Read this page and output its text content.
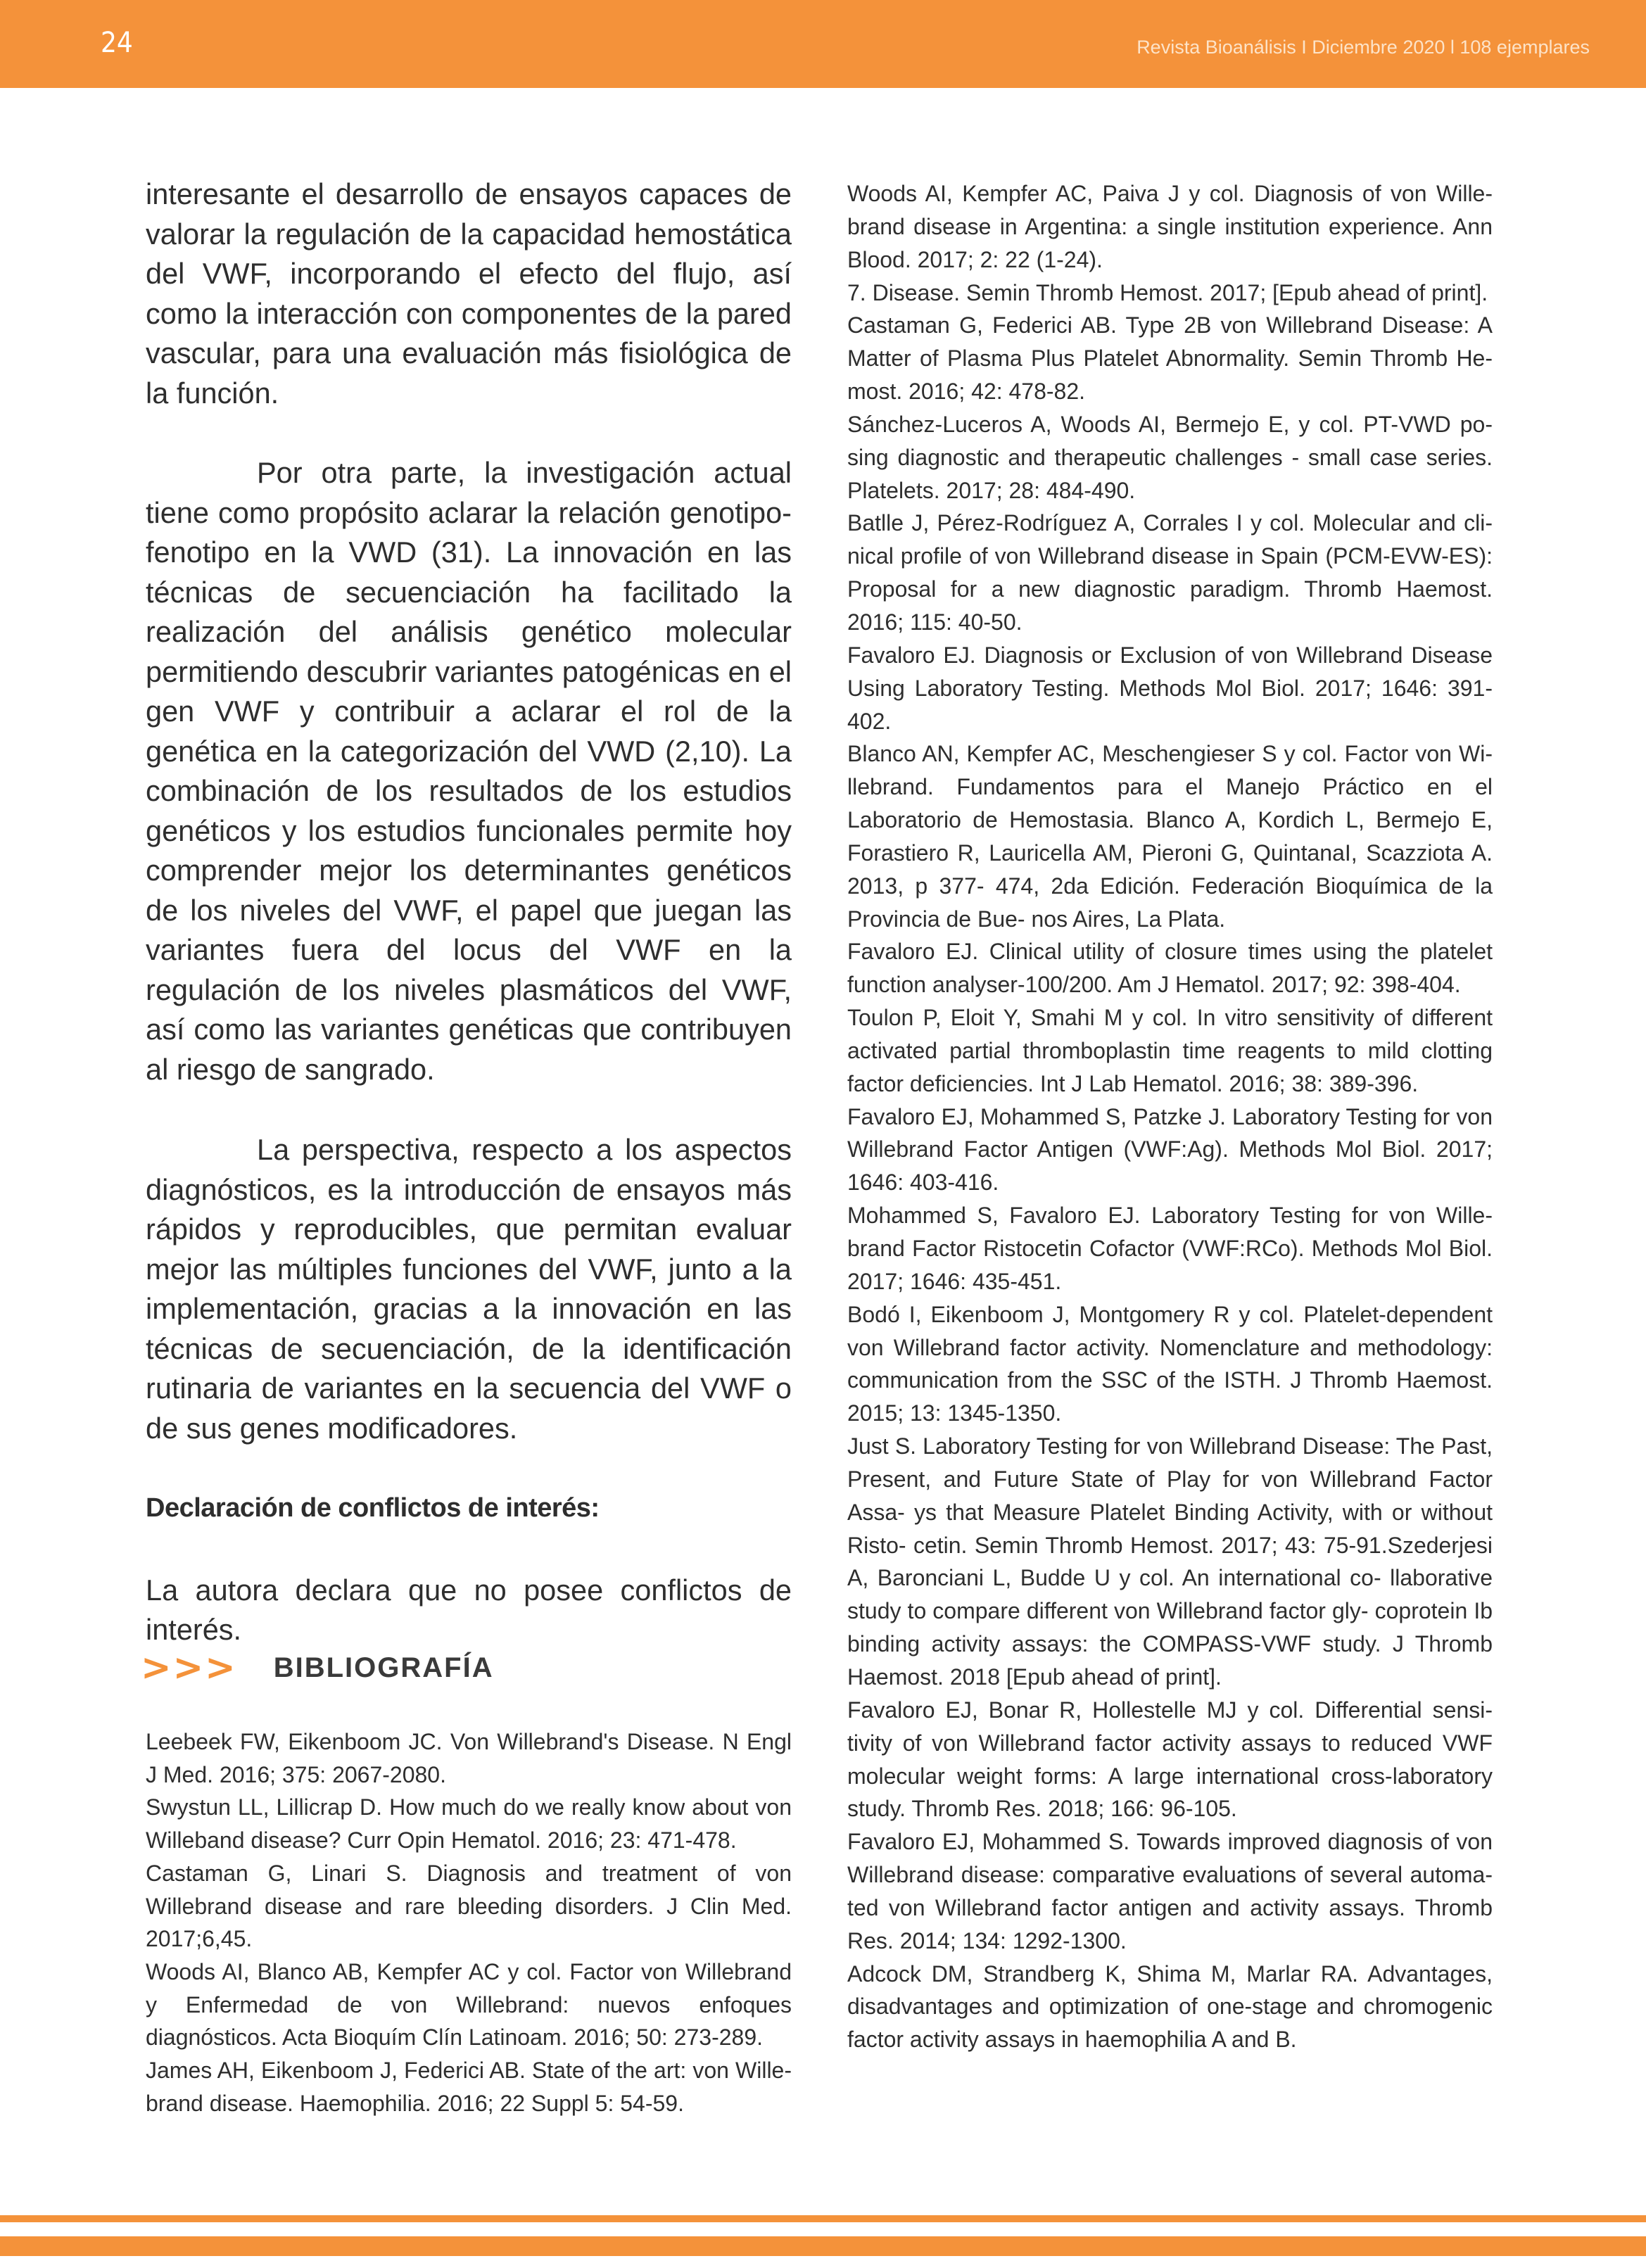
24	Revista Bioanálisis I Diciembre 2020 l 108 ejemplares

interesante el desarrollo de ensayos capaces de valorar la regulación de la capacidad hemostática del VWF, incorporando el efecto del flujo, así como la interacción con componentes de la pared vascular, para una evaluación más fisiológica de la función.

Por otra parte, la investigación actual tiene como propósito aclarar la relación genotipo-fenotipo en la VWD (31). La innovación en las técnicas de secuenciación ha facilitado la realización del análisis genético molecular permitiendo descubrir variantes patogénicas en el gen VWF y contribuir a aclarar el rol de la genética en la categorización del VWD (2,10). La combinación de los resultados de los estudios genéticos y los estudios funcionales permite hoy comprender mejor los determinantes genéticos de los niveles del VWF, el papel que juegan las variantes fuera del locus del VWF en la regulación de los niveles plasmáticos del VWF, así como las variantes genéticas que contribuyen al riesgo de sangrado.

La perspectiva, respecto a los aspectos diagnósticos, es la introducción de ensayos más rápidos y reproducibles, que permitan evaluar mejor las múltiples funciones del VWF, junto a la implementación, gracias a la innovación en las técnicas de secuenciación, de la identificación rutinaria de variantes en la secuencia del VWF o de sus genes modificadores.

Declaración de conflictos de interés:

La autora declara que no posee conflictos de interés.

>>> BIBLIOGRAFÍA

Leebeek FW, Eikenboom JC. Von Willebrand's Disease. N Engl J Med. 2016; 375: 2067-2080.

Swystun LL, Lillicrap D. How much do we really know about von Willeband disease? Curr Opin Hematol. 2016; 23: 471-478.

Castaman G, Linari S. Diagnosis and treatment of von Willebrand disease and rare bleeding disorders. J Clin Med. 2017;6,45.

Woods AI, Blanco AB, Kempfer AC y col. Factor von Willebrand y Enfermedad de von Willebrand: nuevos enfoques diagnósticos. Acta Bioquím Clín Latinoam. 2016; 50: 273-289.

James AH, Eikenboom J, Federici AB. State of the art: von Wille- brand disease. Haemophilia. 2016; 22 Suppl 5: 54-59.

Woods AI, Kempfer AC, Paiva J y col. Diagnosis of von Wille- brand disease in Argentina: a single institution experience. Ann Blood. 2017; 2: 22 (1-24).

7. Disease. Semin Thromb Hemost. 2017; [Epub ahead of print].

Castaman G, Federici AB. Type 2B von Willebrand Disease: A Matter of Plasma Plus Platelet Abnormality. Semin Thromb He- most. 2016; 42: 478-82.

Sánchez-Luceros A, Woods AI, Bermejo E, y col. PT-VWD po- sing diagnostic and therapeutic challenges - small case series. Platelets. 2017; 28: 484-490.

Batlle J, Pérez-Rodríguez A, Corrales I y col. Molecular and cli- nical profile of von Willebrand disease in Spain (PCM-EVW-ES): Proposal for a new diagnostic paradigm. Thromb Haemost. 2016; 115: 40-50.

Favaloro EJ. Diagnosis or Exclusion of von Willebrand Disease Using Laboratory Testing. Methods Mol Biol. 2017; 1646: 391- 402.

Blanco AN, Kempfer AC, Meschengieser S y col. Factor von Wi- llebrand. Fundamentos para el Manejo Práctico en el Laboratorio de Hemostasia. Blanco A, Kordich L, Bermejo E, Forastiero R, Lauricella AM, Pieroni G, QuintanaI, Scazziota A. 2013, p 377- 474, 2da Edición. Federación Bioquímica de la Provincia de Bue- nos Aires, La Plata.

Favaloro EJ. Clinical utility of closure times using the platelet function analyser-100/200. Am J Hematol. 2017; 92: 398-404.

Toulon P, Eloit Y, Smahi M y col. In vitro sensitivity of different activated partial thromboplastin time reagents to mild clotting factor deficiencies. Int J Lab Hematol. 2016; 38: 389-396.

Favaloro EJ, Mohammed S, Patzke J. Laboratory Testing for von Willebrand Factor Antigen (VWF:Ag). Methods Mol Biol. 2017; 1646: 403-416.

Mohammed S, Favaloro EJ. Laboratory Testing for von Wille- brand Factor Ristocetin Cofactor (VWF:RCo). Methods Mol Biol. 2017; 1646: 435-451.

Bodó I, Eikenboom J, Montgomery R y col. Platelet-dependent von Willebrand factor activity. Nomenclature and methodology: communication from the SSC of the ISTH. J Thromb Haemost. 2015; 13: 1345-1350.

Just S. Laboratory Testing for von Willebrand Disease: The Past, Present, and Future State of Play for von Willebrand Factor Assa- ys that Measure Platelet Binding Activity, with or without Risto- cetin. Semin Thromb Hemost. 2017; 43: 75-91.Szederjesi A, Baronciani L, Budde U y col. An international co- llaborative study to compare different von Willebrand factor gly- coprotein Ib binding activity assays: the COMPASS-VWF study. J Thromb Haemost. 2018 [Epub ahead of print].

Favaloro EJ, Bonar R, Hollestelle MJ y col. Differential sensi- tivity of von Willebrand factor activity assays to reduced VWF molecular weight forms: A large international cross-laboratory study. Thromb Res. 2018; 166: 96-105.

Favaloro EJ, Mohammed S. Towards improved diagnosis of von Willebrand disease: comparative evaluations of several automa- ted von Willebrand factor antigen and activity assays. Thromb Res. 2014; 134: 1292-1300.

Adcock DM, Strandberg K, Shima M, Marlar RA. Advantages, disadvantages and optimization of one-stage and chromogenic factor activity assays in haemophilia A and B.
